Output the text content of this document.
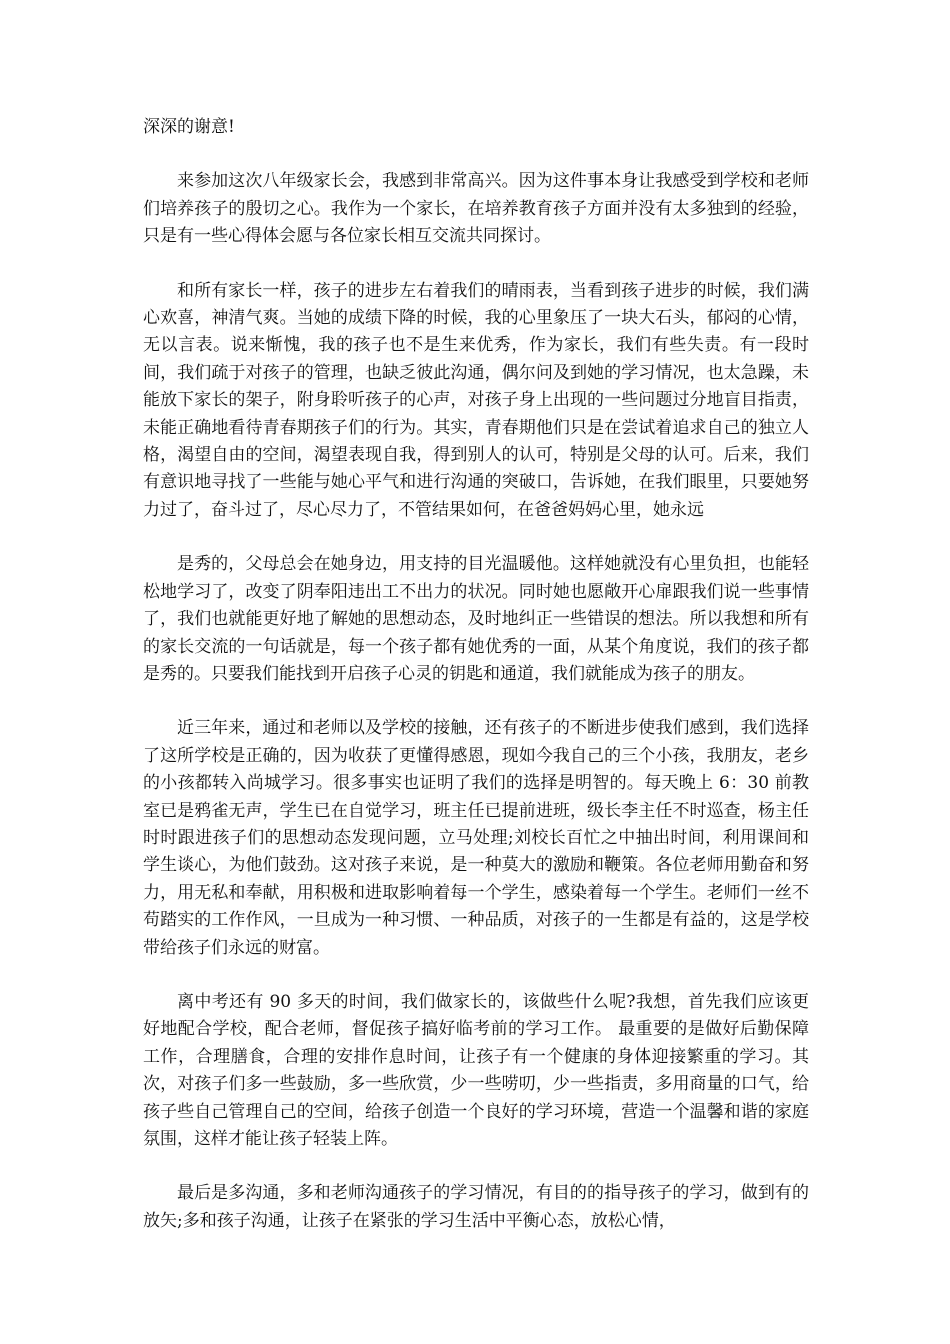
深深的谢意!

来参加这次八年级家长会，我感到非常高兴。因为这件事本身让我感受到学校和老师们培养孩子的殷切之心。我作为一个家长，在培养教育孩子方面并没有太多独到的经验，只是有一些心得体会愿与各位家长相互交流共同探讨。

和所有家长一样，孩子的进步左右着我们的晴雨表，当看到孩子进步的时候，我们满心欢喜，神清气爽。当她的成绩下降的时候，我的心里象压了一块大石头，郁闷的心情，无以言表。说来惭愧，我的孩子也不是生来优秀，作为家长，我们有些失责。有一段时间，我们疏于对孩子的管理，也缺乏彼此沟通，偶尔问及到她的学习情况，也太急躁，未能放下家长的架子，附身聆听孩子的心声，对孩子身上出现的一些问题过分地盲目指责，未能正确地看待青春期孩子们的行为。其实，青春期他们只是在尝试着追求自己的独立人格，渴望自由的空间，渴望表现自我，得到别人的认可，特别是父母的认可。后来，我们有意识地寻找了一些能与她心平气和进行沟通的突破口，告诉她，在我们眼里，只要她努力过了，奋斗过了，尽心尽力了，不管结果如何，在爸爸妈妈心里，她永远

是秀的，父母总会在她身边，用支持的目光温暖他。这样她就没有心里负担，也能轻松地学习了，改变了阴奉阳违出工不出力的状况。同时她也愿敞开心扉跟我们说一些事情了，我们也就能更好地了解她的思想动态，及时地纠正一些错误的想法。所以我想和所有的家长交流的一句话就是，每一个孩子都有她优秀的一面，从某个角度说，我们的孩子都是秀的。只要我们能找到开启孩子心灵的钥匙和通道，我们就能成为孩子的朋友。

近三年来，通过和老师以及学校的接触，还有孩子的不断进步使我们感到，我们选择了这所学校是正确的，因为收获了更懂得感恩，现如今我自己的三个小孩，我朋友，老乡的小孩都转入尚城学习。很多事实也证明了我们的选择是明智的。每天晚上 6：30 前教室已是鸦雀无声，学生已在自觉学习，班主任已提前进班，级长李主任不时巡查，杨主任时时跟进孩子们的思想动态发现问题，立马处理;刘校长百忙之中抽出时间，利用课间和学生谈心，为他们鼓劲。这对孩子来说，是一种莫大的激励和鞭策。各位老师用勤奋和努力，用无私和奉献，用积极和进取影响着每一个学生，感染着每一个学生。老师们一丝不苟踏实的工作作风，一旦成为一种习惯、一种品质，对孩子的一生都是有益的，这是学校带给孩子们永远的财富。

离中考还有 90 多天的时间，我们做家长的，该做些什么呢?我想，首先我们应该更好地配合学校，配合老师，督促孩子搞好临考前的学习工作。 最重要的是做好后勤保障工作，合理膳食，合理的安排作息时间，让孩子有一个健康的身体迎接繁重的学习。其次，对孩子们多一些鼓励，多一些欣赏，少一些唠叨，少一些指责，多用商量的口气，给孩子些自己管理自己的空间，给孩子创造一个良好的学习环境，营造一个温馨和谐的家庭氛围，这样才能让孩子轻装上阵。

最后是多沟通，多和老师沟通孩子的学习情况，有目的的指导孩子的学习，做到有的放矢;多和孩子沟通，让孩子在紧张的学习生活中平衡心态，放松心情，
